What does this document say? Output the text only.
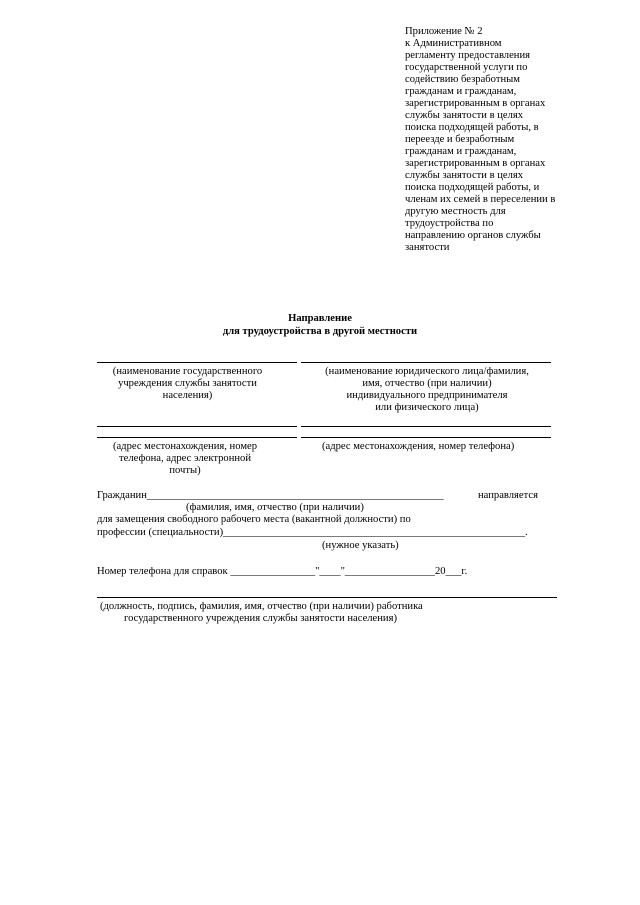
Приложение № 2
к Административном
регламенту предоставления
государственной услуги по
содействию безработным
гражданам и гражданам,
зарегистрированным в органах
службы занятости в целях
поиска подходящей работы, в
переезде и безработным
гражданам и гражданам,
зарегистрированным в органах
службы занятости в целях
поиска подходящей работы, и
членам их семей в переселении в
другую местность для
трудоустройства по
направлению органов службы
занятости
Направление
для трудоустройства в другой местности
(наименование государственного
учреждения службы занятости
населения)
(наименование юридического лица/фамилия,
имя, отчество (при наличии)
индивидуального предпринимателя
или физического лица)
(адрес местонахождения, номер
телефона, адрес электронной
почты)
(адрес местонахождения, номер телефона)
Гражданин________________________________________________________	направляется
(фамилия, имя, отчество (при наличии)
для замещения свободного рабочего места (вакантной должности) по
профессии (специальности)_________________________________________________________.
(нужное указать)
Номер телефона для справок ________________"____"_________________20___г.
(должность, подпись, фамилия, имя, отчество (при наличии) работника
государственного учреждения службы занятости населения)
